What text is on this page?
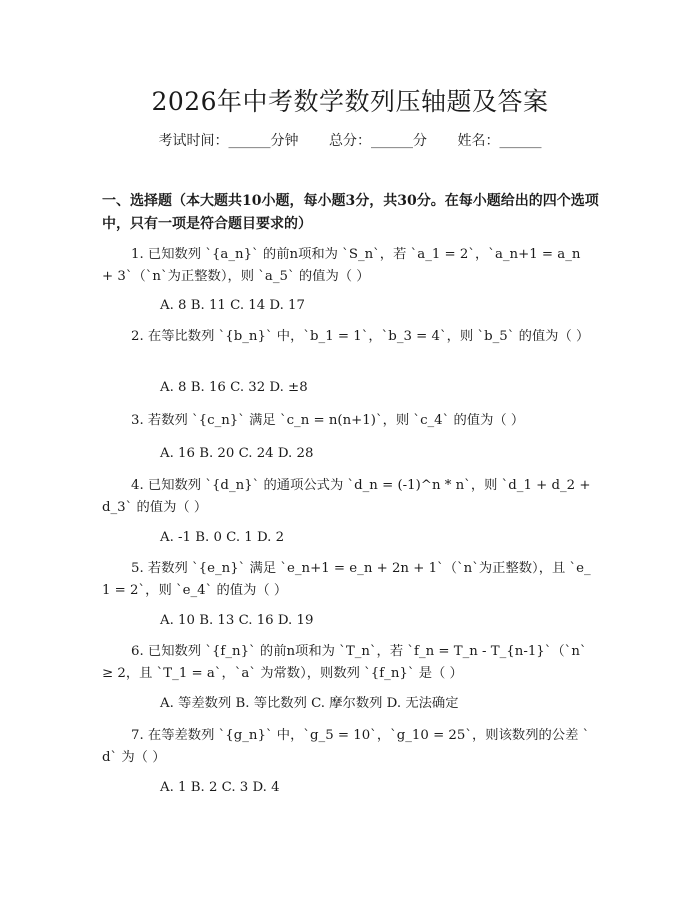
2026年中考数学数列压轴题及答案
考试时间：______分钟 总分：______分 姓名：______
一、选择题（本大题共10小题，每小题3分，共30分。在每小题给出的四个选项中，只有一项是符合题目要求的）
1. 已知数列 `{a_n}` 的前n项和为 `S_n`，若 `a_1 = 2`，`a_n+1 = a_n + 3`（`n`为正整数），则 `a_5` 的值为（ ）
A. 8 B. 11 C. 14 D. 17
2. 在等比数列 `{b_n}` 中，`b_1 = 1`，`b_3 = 4`，则 `b_5` 的值为（ ）
A. 8 B. 16 C. 32 D. ±8
3. 若数列 `{c_n}` 满足 `c_n = n(n+1)`，则 `c_4` 的值为（ ）
A. 16 B. 20 C. 24 D. 28
4. 已知数列 `{d_n}` 的通项公式为 `d_n = (-1)^n * n`，则 `d_1 + d_2 + d_3` 的值为（ ）
A. -1 B. 0 C. 1 D. 2
5. 若数列 `{e_n}` 满足 `e_n+1 = e_n + 2n + 1`（`n`为正整数），且 `e_1 = 2`，则 `e_4` 的值为（ ）
A. 10 B. 13 C. 16 D. 19
6. 已知数列 `{f_n}` 的前n项和为 `T_n`，若 `f_n = T_n - T_{n-1}`（`n` ≥ 2，且 `T_1 = a`，`a` 为常数），则数列 `{f_n}` 是（ ）
A. 等差数列 B. 等比数列 C. 摩尔数列 D. 无法确定
7. 在等差数列 `{g_n}` 中，`g_5 = 10`，`g_10 = 25`，则该数列的公差 `d` 为（ ）
A. 1 B. 2 C. 3 D. 4
